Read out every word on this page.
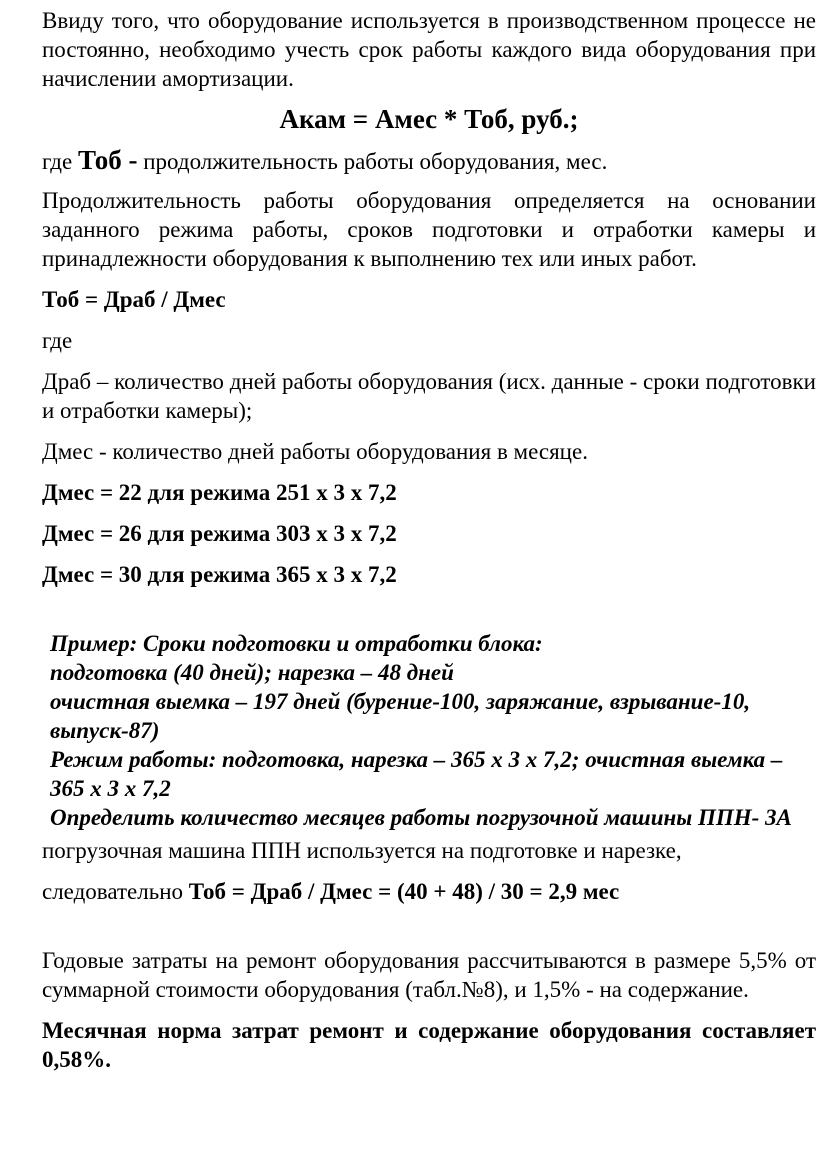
Ввиду того, что оборудование используется в производственном процессе не постоянно, необходимо учесть срок работы каждого вида оборудования при начислении амортизации.

Акам = Амес * Тоб, руб.;

где Тоб - продолжительность работы оборудования, мес.

Продолжительность работы оборудования определяется на основании заданного режима работы, сроков подготовки и отработки камеры и принадлежности оборудования к выполнению тех или иных работ.

Тоб = Драб / Дмес

где

Драб – количество дней работы оборудования (исх. данные - сроки подготовки и отработки камеры);

Дмес - количество дней работы оборудования в месяце.

Дмес = 22 для режима 251 х 3 х 7,2

Дмес = 26 для режима 303 х 3 х 7,2

Дмес = 30 для режима 365 х 3 х 7,2

Пример: Сроки подготовки и отработки блока:

подготовка (40 дней); нарезка – 48 дней

очистная выемка – 197 дней (бурение-100, заряжание, взрывание-10, выпуск-87)

Режим работы: подготовка, нарезка – 365 х 3 х 7,2; очистная выемка – 365 х 3 х 7,2

Определить количество месяцев работы погрузочной машины ППН- 3А

погрузочная машина ППН используется на подготовке и нарезке,

следовательно Тоб = Драб / Дмес = (40 + 48) / 30 = 2,9 мес

Годовые затраты на ремонт оборудования рассчитываются в размере 5,5% от суммарной стоимости оборудования (табл.№8), и 1,5% - на содержание.

Месячная норма затрат ремонт и содержание оборудования составляет 0,58%.
